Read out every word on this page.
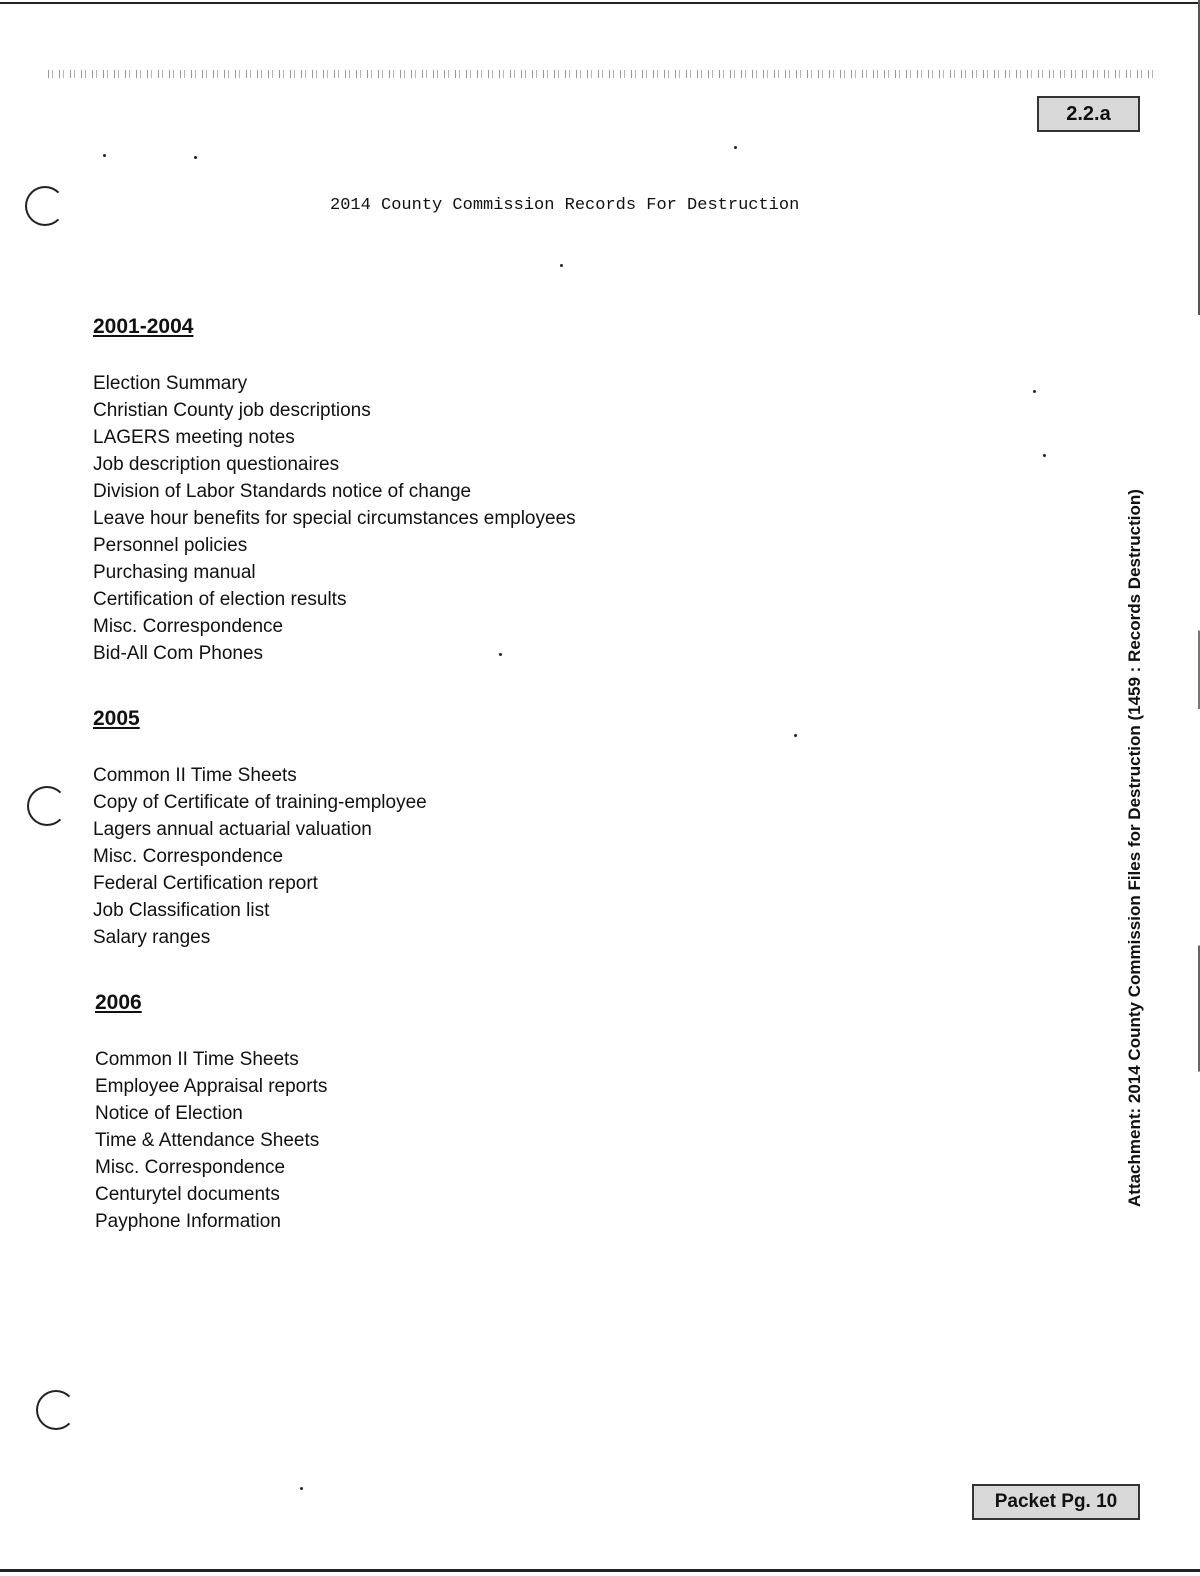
2.2.a
2014 County Commission Records For Destruction
2001-2004
Election Summary
Christian County job descriptions
LAGERS meeting notes
Job description questionaires
Division of Labor Standards notice of change
Leave hour benefits for special circumstances employees
Personnel policies
Purchasing manual
Certification of election results
Misc. Correspondence
Bid-All Com Phones
2005
Common II Time Sheets
Copy of Certificate of training-employee
Lagers annual actuarial valuation
Misc. Correspondence
Federal Certification report
Job Classification list
Salary ranges
2006
Common II Time Sheets
Employee Appraisal reports
Notice of Election
Time & Attendance Sheets
Misc. Correspondence
Centurytel documents
Payphone Information
Attachment: 2014 County Commission Files for Destruction (1459 : Records Destruction)
Packet Pg. 10
